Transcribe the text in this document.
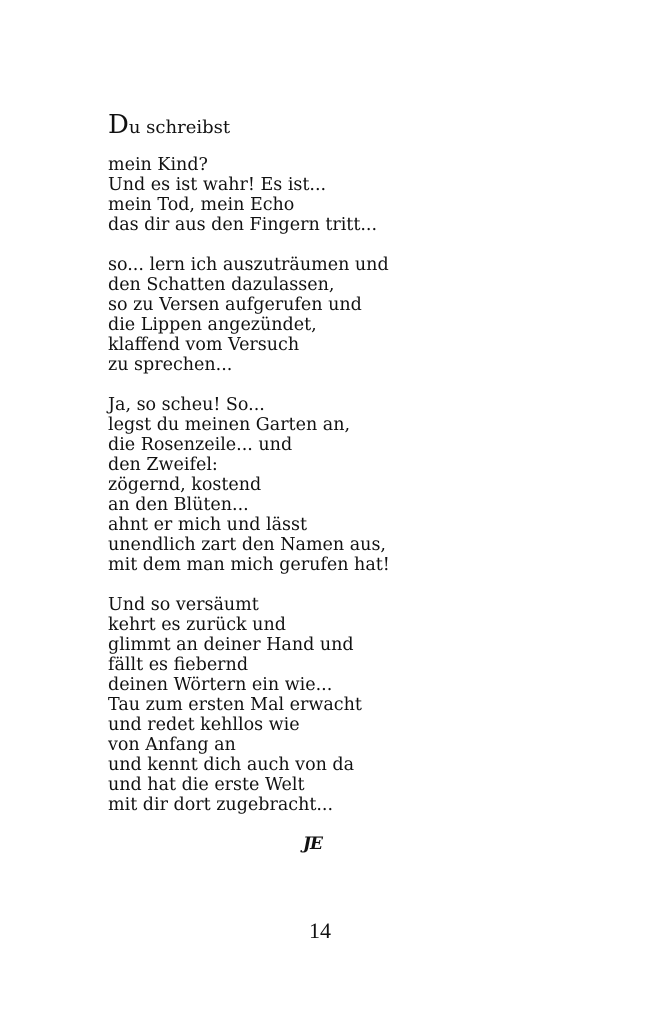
Du schreibst
mein Kind?
Und es ist wahr! Es ist...
mein Tod, mein Echo
das dir aus den Fingern tritt...
so... lern ich auszuträumen und
den Schatten dazulassen,
so zu Versen aufgerufen und
die Lippen angezündet,
klaffend vom Versuch
zu sprechen...
Ja, so scheu! So...
legst du meinen Garten an,
die Rosenzeile... und
den Zweifel:
zögernd, kostend
an den Blüten...
ahnt er mich und lässt
unendlich zart den Namen aus,
mit dem man mich gerufen hat!
Und so versäumt
kehrt es zurück und
glimmt an deiner Hand und
fällt es fiebernd
deinen Wörtern ein wie...
Tau zum ersten Mal erwacht
und redet kehllos wie
von Anfang an
und kennt dich auch von da
und hat die erste Welt
mit dir dort zugebracht...
JE
14
